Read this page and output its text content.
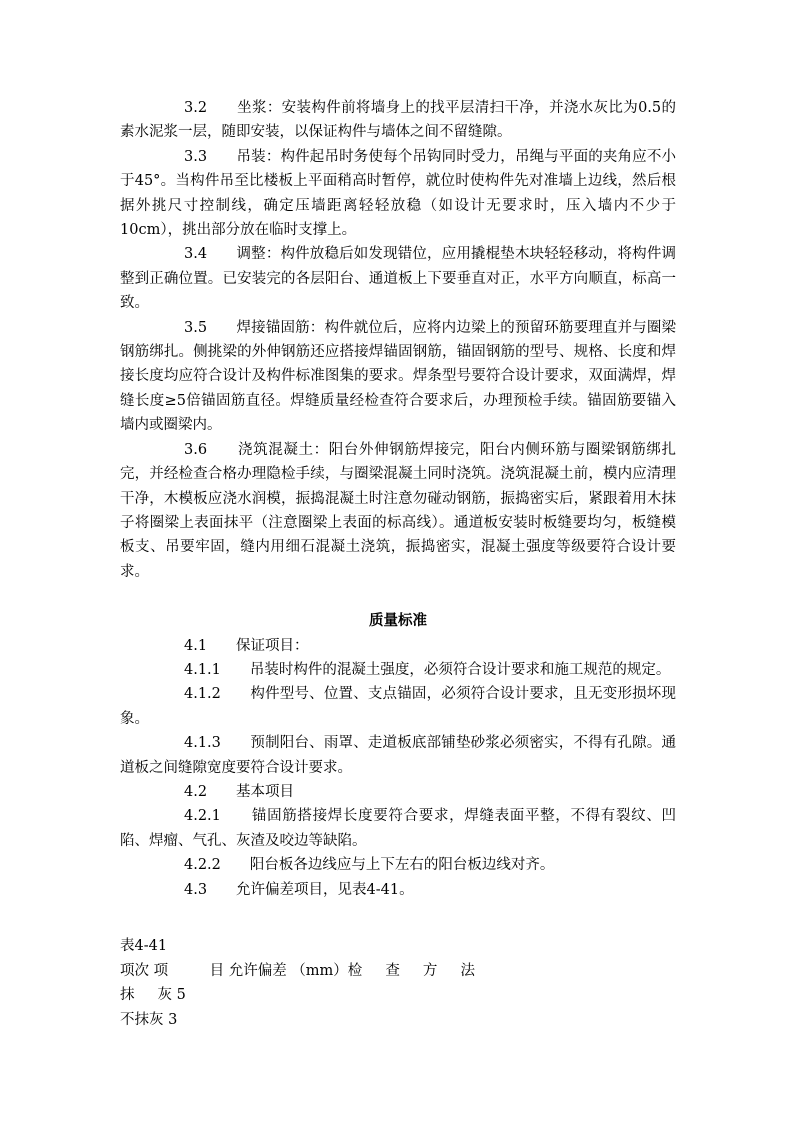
3.2　　坐浆：安装构件前将墙身上的找平层清扫干净，并浇水灰比为0.5的素水泥浆一层，随即安装，以保证构件与墙体之间不留缝隙。

3.3　　吊装：构件起吊时务使每个吊钩同时受力，吊绳与平面的夹角应不小于45°。当构件吊至比楼板上平面稍高时暂停，就位时使构件先对准墙上边线，然后根据外挑尺寸控制线，确定压墙距离轻轻放稳（如设计无要求时，压入墙内不少于10cm），挑出部分放在临时支撑上。

3.4　　调整：构件放稳后如发现错位，应用撬棍垫木块轻轻移动，将构件调整到正确位置。已安装完的各层阳台、通道板上下要垂直对正，水平方向顺直，标高一致。

3.5　　焊接锚固筋：构件就位后，应将内边梁上的预留环筋要理直并与圈梁钢筋绑扎。侧挑梁的外伸钢筋还应搭接焊锚固钢筋，锚固钢筋的型号、规格、长度和焊接长度均应符合设计及构件标准图集的要求。焊条型号要符合设计要求，双面满焊，焊缝长度≥5倍锚固筋直径。焊缝质量经检查符合要求后，办理预检手续。锚固筋要锚入墙内或圈梁内。

3.6　　浇筑混凝土：阳台外伸钢筋焊接完，阳台内侧环筋与圈梁钢筋绑扎完，并经检查合格办理隐检手续，与圈梁混凝土同时浇筑。浇筑混凝土前，模内应清理干净，木模板应浇水润模，振捣混凝土时注意勿碰动钢筋，振捣密实后，紧跟着用木抹子将圈梁上表面抹平（注意圈梁上表面的标高线）。通道板安装时板缝要均匀，板缝模板支、吊要牢固，缝内用细石混凝土浇筑，振捣密实，混凝土强度等级要符合设计要求。

质量标准

4.1　　保证项目：

4.1.1　　吊装时构件的混凝土强度，必须符合设计要求和施工规范的规定。

4.1.2　　构件型号、位置、支点锚固，必须符合设计要求，且无变形损坏现象。

4.1.3　　预制阳台、雨罩、走道板底部铺垫砂浆必须密实，不得有孔隙。通道板之间缝隙宽度要符合设计要求。

4.2　　基本项目

4.2.1　　锚固筋搭接焊长度要符合要求，焊缝表面平整，不得有裂纹、凹陷、焊瘤、气孔、灰渣及咬边等缺陷。

4.2.2　　阳台板各边线应与上下左右的阳台板边线对齐。

4.3　　允许偏差项目，见表4-41。

表4-41

项次 项         目 允许偏差 （mm）检     查     方     法

抹     灰 5

不抹灰 3
